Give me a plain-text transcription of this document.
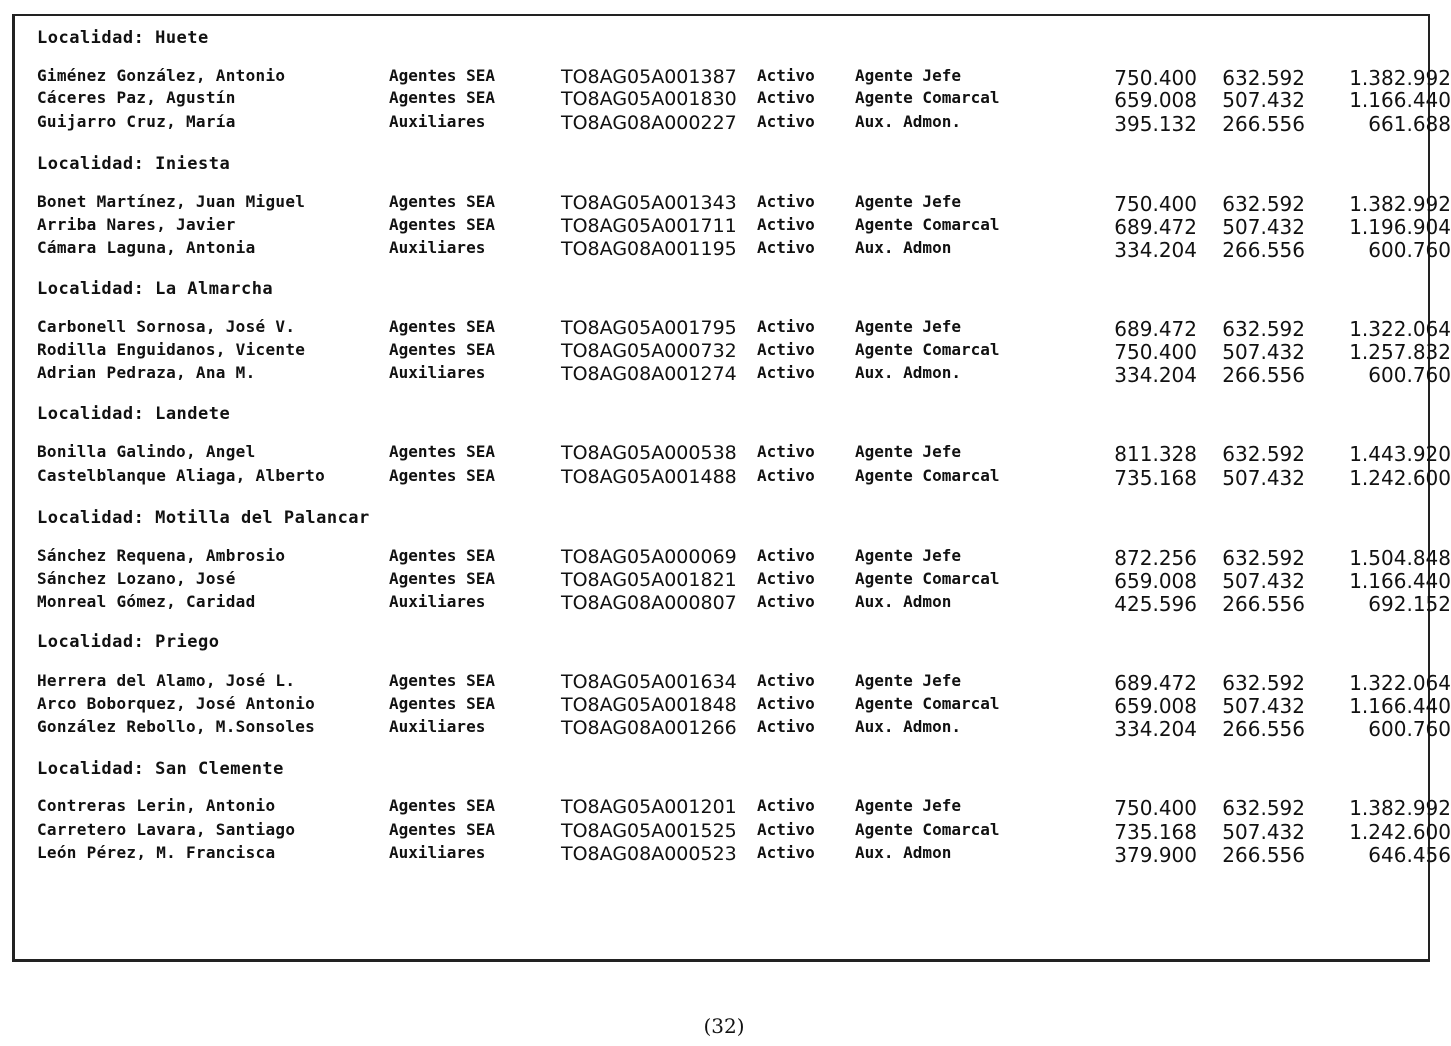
Localidad: Huete
Giménez González, Antonio	Agentes SEA	TO8AG05A001387 Activo	Agente Jefe	750.400	632.592	1.382.992
Cáceres Paz, Agustín	Agentes SEA	TO8AG05A001830 Activo	Agente Comarcal	659.008	507.432	1.166.440
Guijarro Cruz, María	Auxiliares	TO8AG08A000227 Activo	Aux. Admon.	395.132	266.556	661.688
Localidad: Iniesta
Bonet Martínez, Juan Miguel	Agentes SEA	TO8AG05A001343 Activo	Agente Jefe	750.400	632.592	1.382.992
Arriba Nares, Javier	Agentes SEA	TO8AG05A001711 Activo	Agente Comarcal	689.472	507.432	1.196.904
Cámara Laguna, Antonia	Auxiliares	TO8AG08A001195 Activo	Aux. Admon	334.204	266.556	600.760
Localidad: La Almarcha
Carbonell Sornosa, José V.	Agentes SEA	TO8AG05A001795 Activo	Agente Jefe	689.472	632.592	1.322.064
Rodilla Enguidanos, Vicente	Agentes SEA	TO8AG05A000732 Activo	Agente Comarcal	750.400	507.432	1.257.832
Adrian Pedraza, Ana M.	Auxiliares	TO8AG08A001274 Activo	Aux. Admon.	334.204	266.556	600.760
Localidad: Landete
Bonilla Galindo, Angel	Agentes SEA	TO8AG05A000538 Activo	Agente Jefe	811.328	632.592	1.443.920
Castelblanque Aliaga, Alberto	Agentes SEA	TO8AG05A001488 Activo	Agente Comarcal	735.168	507.432	1.242.600
Localidad: Motilla del Palancar
Sánchez Requena, Ambrosio	Agentes SEA	TO8AG05A000069 Activo	Agente Jefe	872.256	632.592	1.504.848
Sánchez Lozano, José	Agentes SEA	TO8AG05A001821 Activo	Agente Comarcal	659.008	507.432	1.166.440
Monreal Gómez, Caridad	Auxiliares	TO8AG08A000807 Activo	Aux. Admon	425.596	266.556	692.152
Localidad: Priego
Herrera del Alamo, José L.	Agentes SEA	TO8AG05A001634 Activo	Agente Jefe	689.472	632.592	1.322.064
Arco Boborquez, José Antonio	Agentes SEA	TO8AG05A001848 Activo	Agente Comarcal	659.008	507.432	1.166.440
González Rebollo, M.Sonsoles	Auxiliares	TO8AG08A001266 Activo	Aux. Admon.	334.204	266.556	600.760
Localidad: San Clemente
Contreras Lerin, Antonio	Agentes SEA	TO8AG05A001201 Activo	Agente Jefe	750.400	632.592	1.382.992
Carretero Lavara, Santiago	Agentes SEA	TO8AG05A001525 Activo	Agente Comarcal	735.168	507.432	1.242.600
León Pérez, M. Francisca	Auxiliares	TO8AG08A000523 Activo	Aux. Admon	379.900	266.556	646.456
(32)
